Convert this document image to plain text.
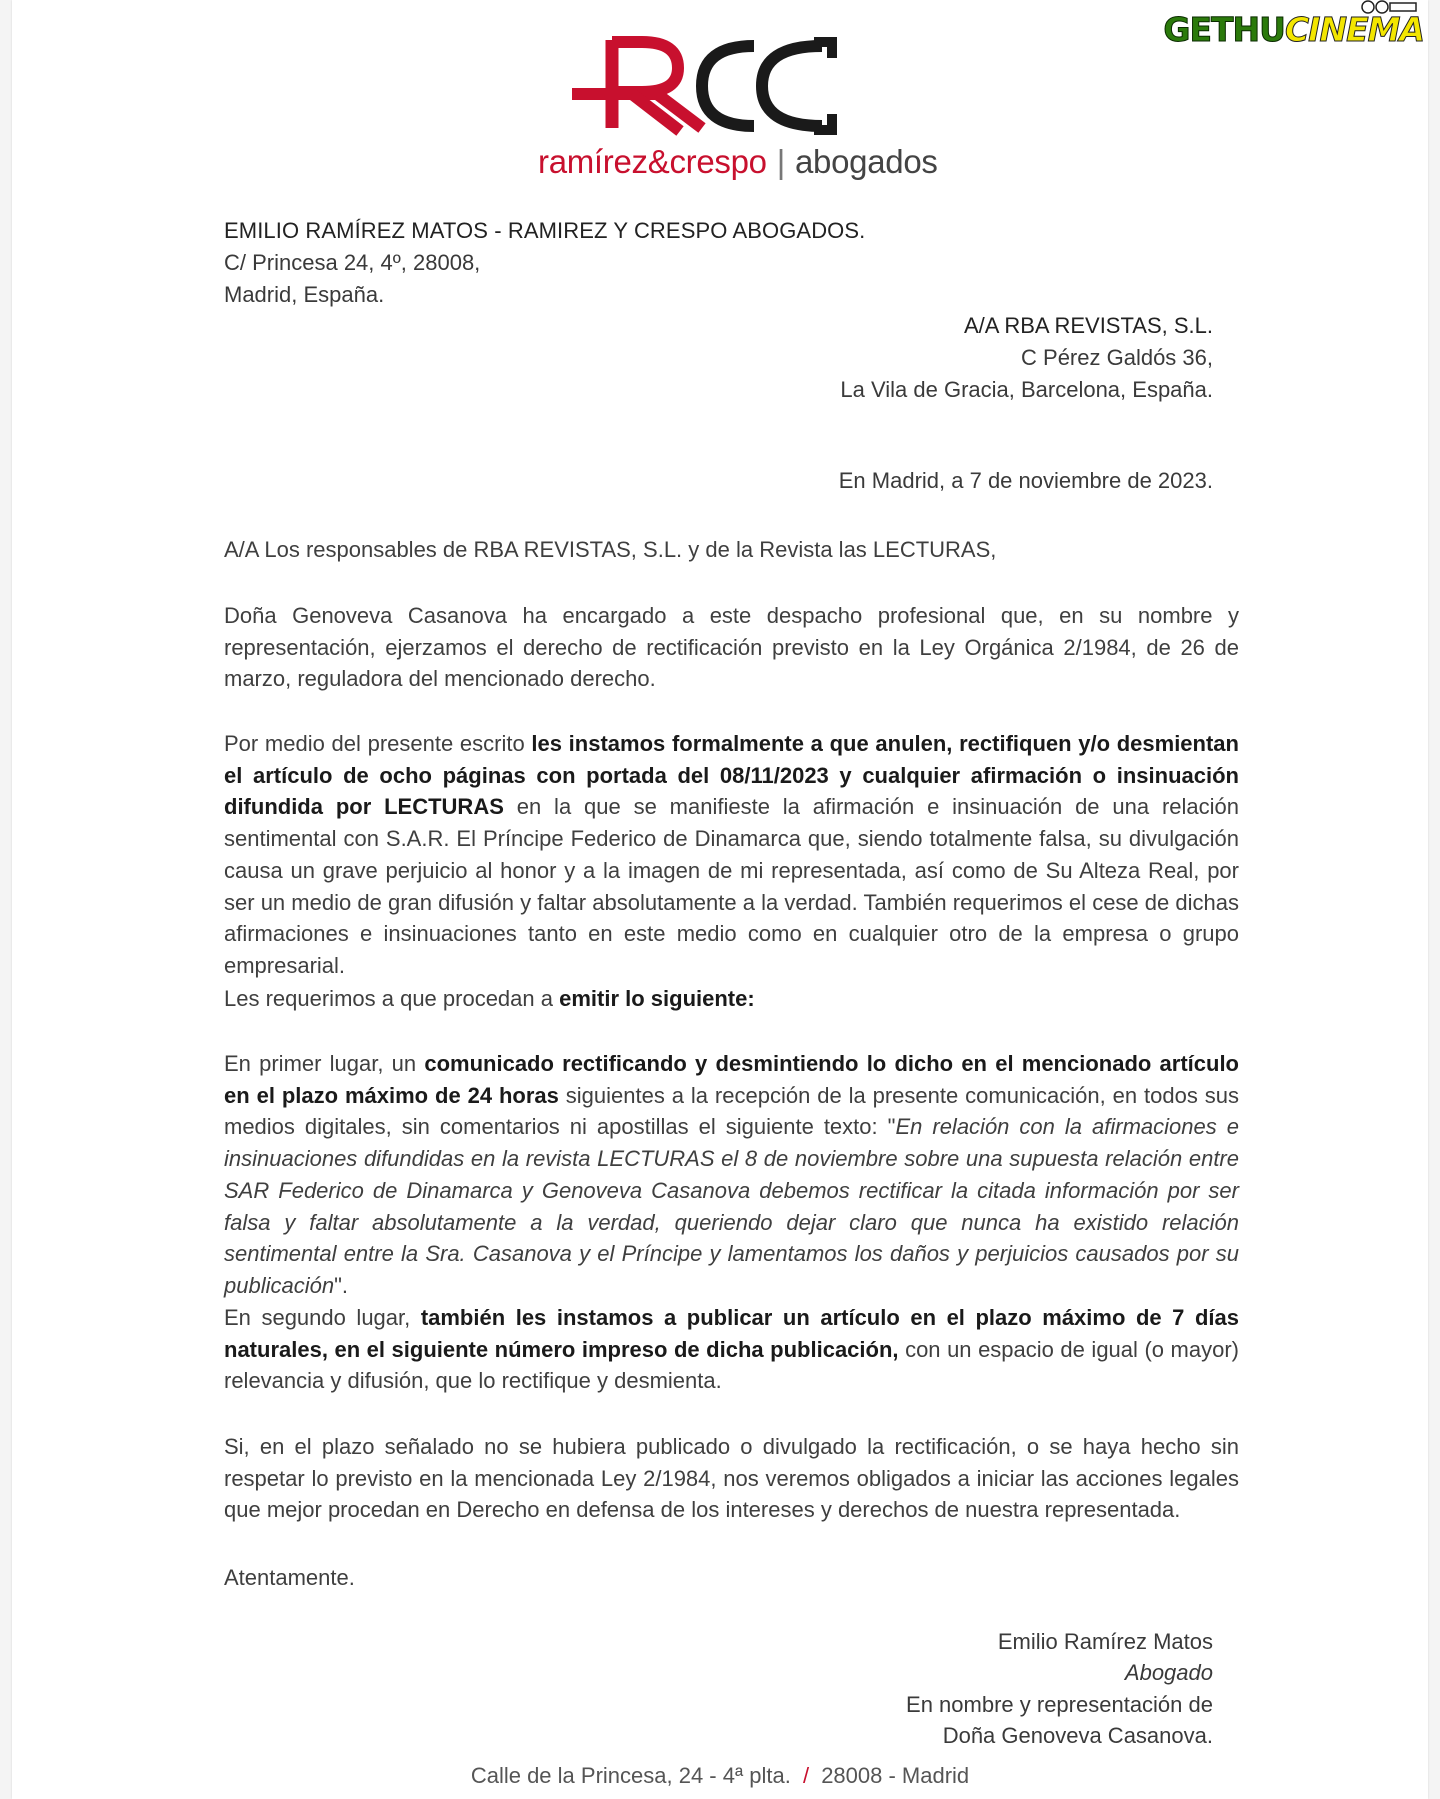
GETHU CINEMA
ramírez&crespo | abogados
EMILIO RAMÍREZ MATOS - RAMIREZ Y CRESPO ABOGADOS.
C/ Princesa 24, 4º, 28008,
Madrid, España.
A/A RBA REVISTAS, S.L.
C Pérez Galdós 36,
La Vila de Gracia, Barcelona, España.
En Madrid, a 7 de noviembre de 2023.
A/A Los responsables de RBA REVISTAS, S.L. y de la Revista las LECTURAS,
Doña Genoveva Casanova ha encargado a este despacho profesional que, en su nombre y representación, ejerzamos el derecho de rectificación previsto en la Ley Orgánica 2/1984, de 26 de marzo, reguladora del mencionado derecho.
Por medio del presente escrito les instamos formalmente a que anulen, rectifiquen y/o desmientan el artículo de ocho páginas con portada del 08/11/2023 y cualquier afirmación o insinuación difundida por LECTURAS en la que se manifieste la afirmación e insinuación de una relación sentimental con S.A.R. El Príncipe Federico de Dinamarca que, siendo totalmente falsa, su divulgación causa un grave perjuicio al honor y a la imagen de mi representada, así como de Su Alteza Real, por ser un medio de gran difusión y faltar absolutamente a la verdad. También requerimos el cese de dichas afirmaciones e insinuaciones tanto en este medio como en cualquier otro de la empresa o grupo empresarial.
Les requerimos a que procedan a emitir lo siguiente:
En primer lugar, un comunicado rectificando y desmintiendo lo dicho en el mencionado artículo en el plazo máximo de 24 horas siguientes a la recepción de la presente comunicación, en todos sus medios digitales, sin comentarios ni apostillas el siguiente texto: "En relación con la afirmaciones e insinuaciones difundidas en la revista LECTURAS el 8 de noviembre sobre una supuesta relación entre SAR Federico de Dinamarca y Genoveva Casanova debemos rectificar la citada información por ser falsa y faltar absolutamente a la verdad, queriendo dejar claro que nunca ha existido relación sentimental entre la Sra. Casanova y el Príncipe y lamentamos los daños y perjuicios causados por su publicación".
En segundo lugar, también les instamos a publicar un artículo en el plazo máximo de 7 días naturales, en el siguiente número impreso de dicha publicación, con un espacio de igual (o mayor) relevancia y difusión, que lo rectifique y desmienta.
Si, en el plazo señalado no se hubiera publicado o divulgado la rectificación, o se haya hecho sin respetar lo previsto en la mencionada Ley 2/1984, nos veremos obligados a iniciar las acciones legales que mejor procedan en Derecho en defensa de los intereses y derechos de nuestra representada.
Atentamente.
Emilio Ramírez Matos
Abogado
En nombre y representación de
Doña Genoveva Casanova.
Calle de la Princesa, 24 - 4ª plta. / 28008 - Madrid
